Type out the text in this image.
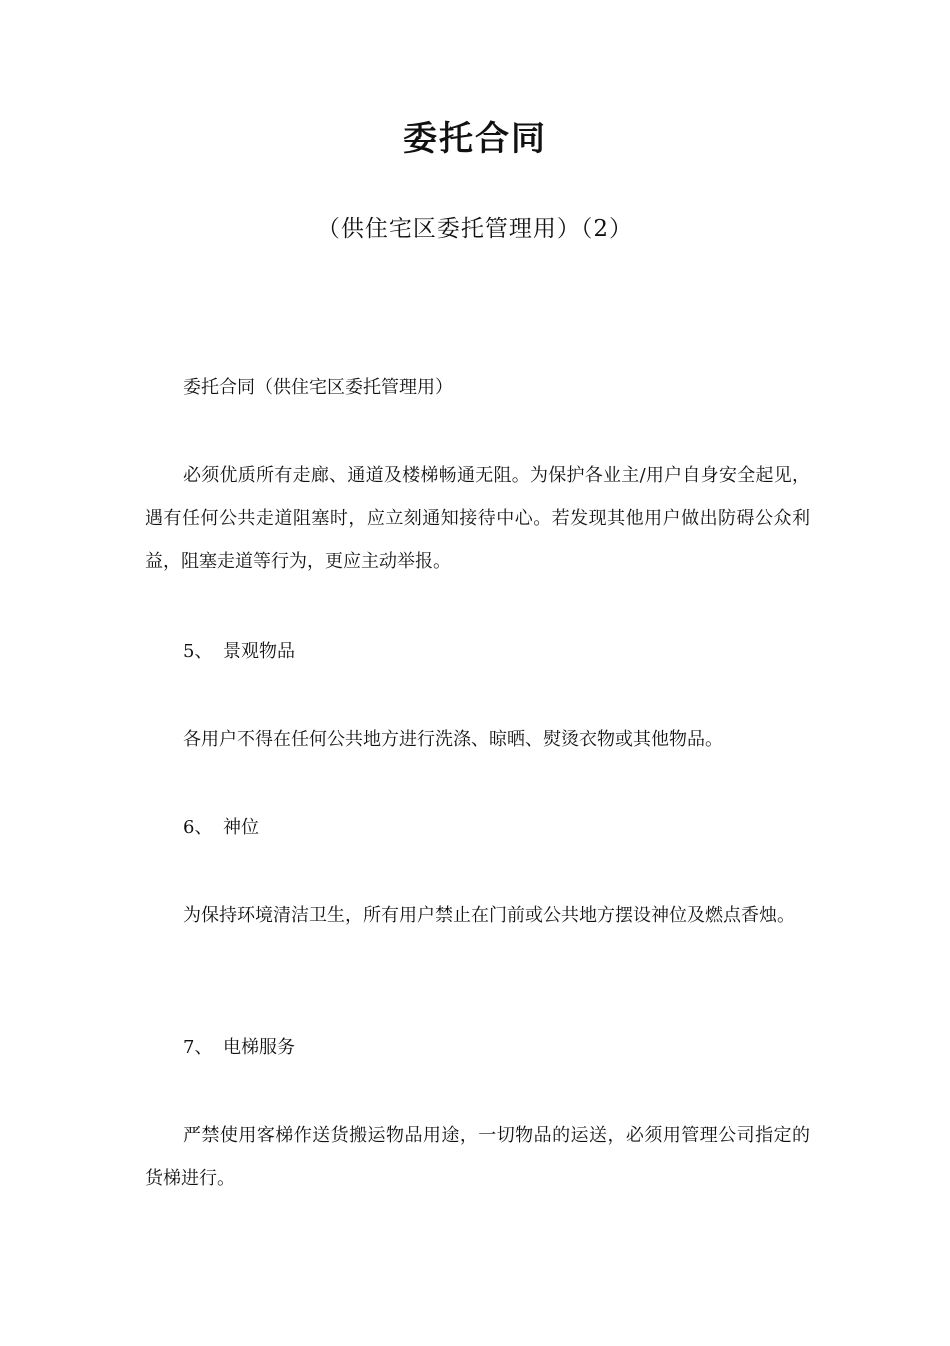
委托合同
（供住宅区委托管理用）（2）

委托合同（供住宅区委托管理用）

必须优质所有走廊、通道及楼梯畅通无阻。为保护各业主/用户自身安全起见，遇有任何公共走道阻塞时，应立刻通知接待中心。若发现其他用户做出防碍公众利益，阻塞走道等行为，更应主动举报。

5、 景观物品

各用户不得在任何公共地方进行洗涤、晾晒、熨烫衣物或其他物品。

6、 神位

为保持环境清洁卫生，所有用户禁止在门前或公共地方摆设神位及燃点香烛。

7、 电梯服务

严禁使用客梯作送货搬运物品用途，一切物品的运送，必须用管理公司指定的货梯进行。
